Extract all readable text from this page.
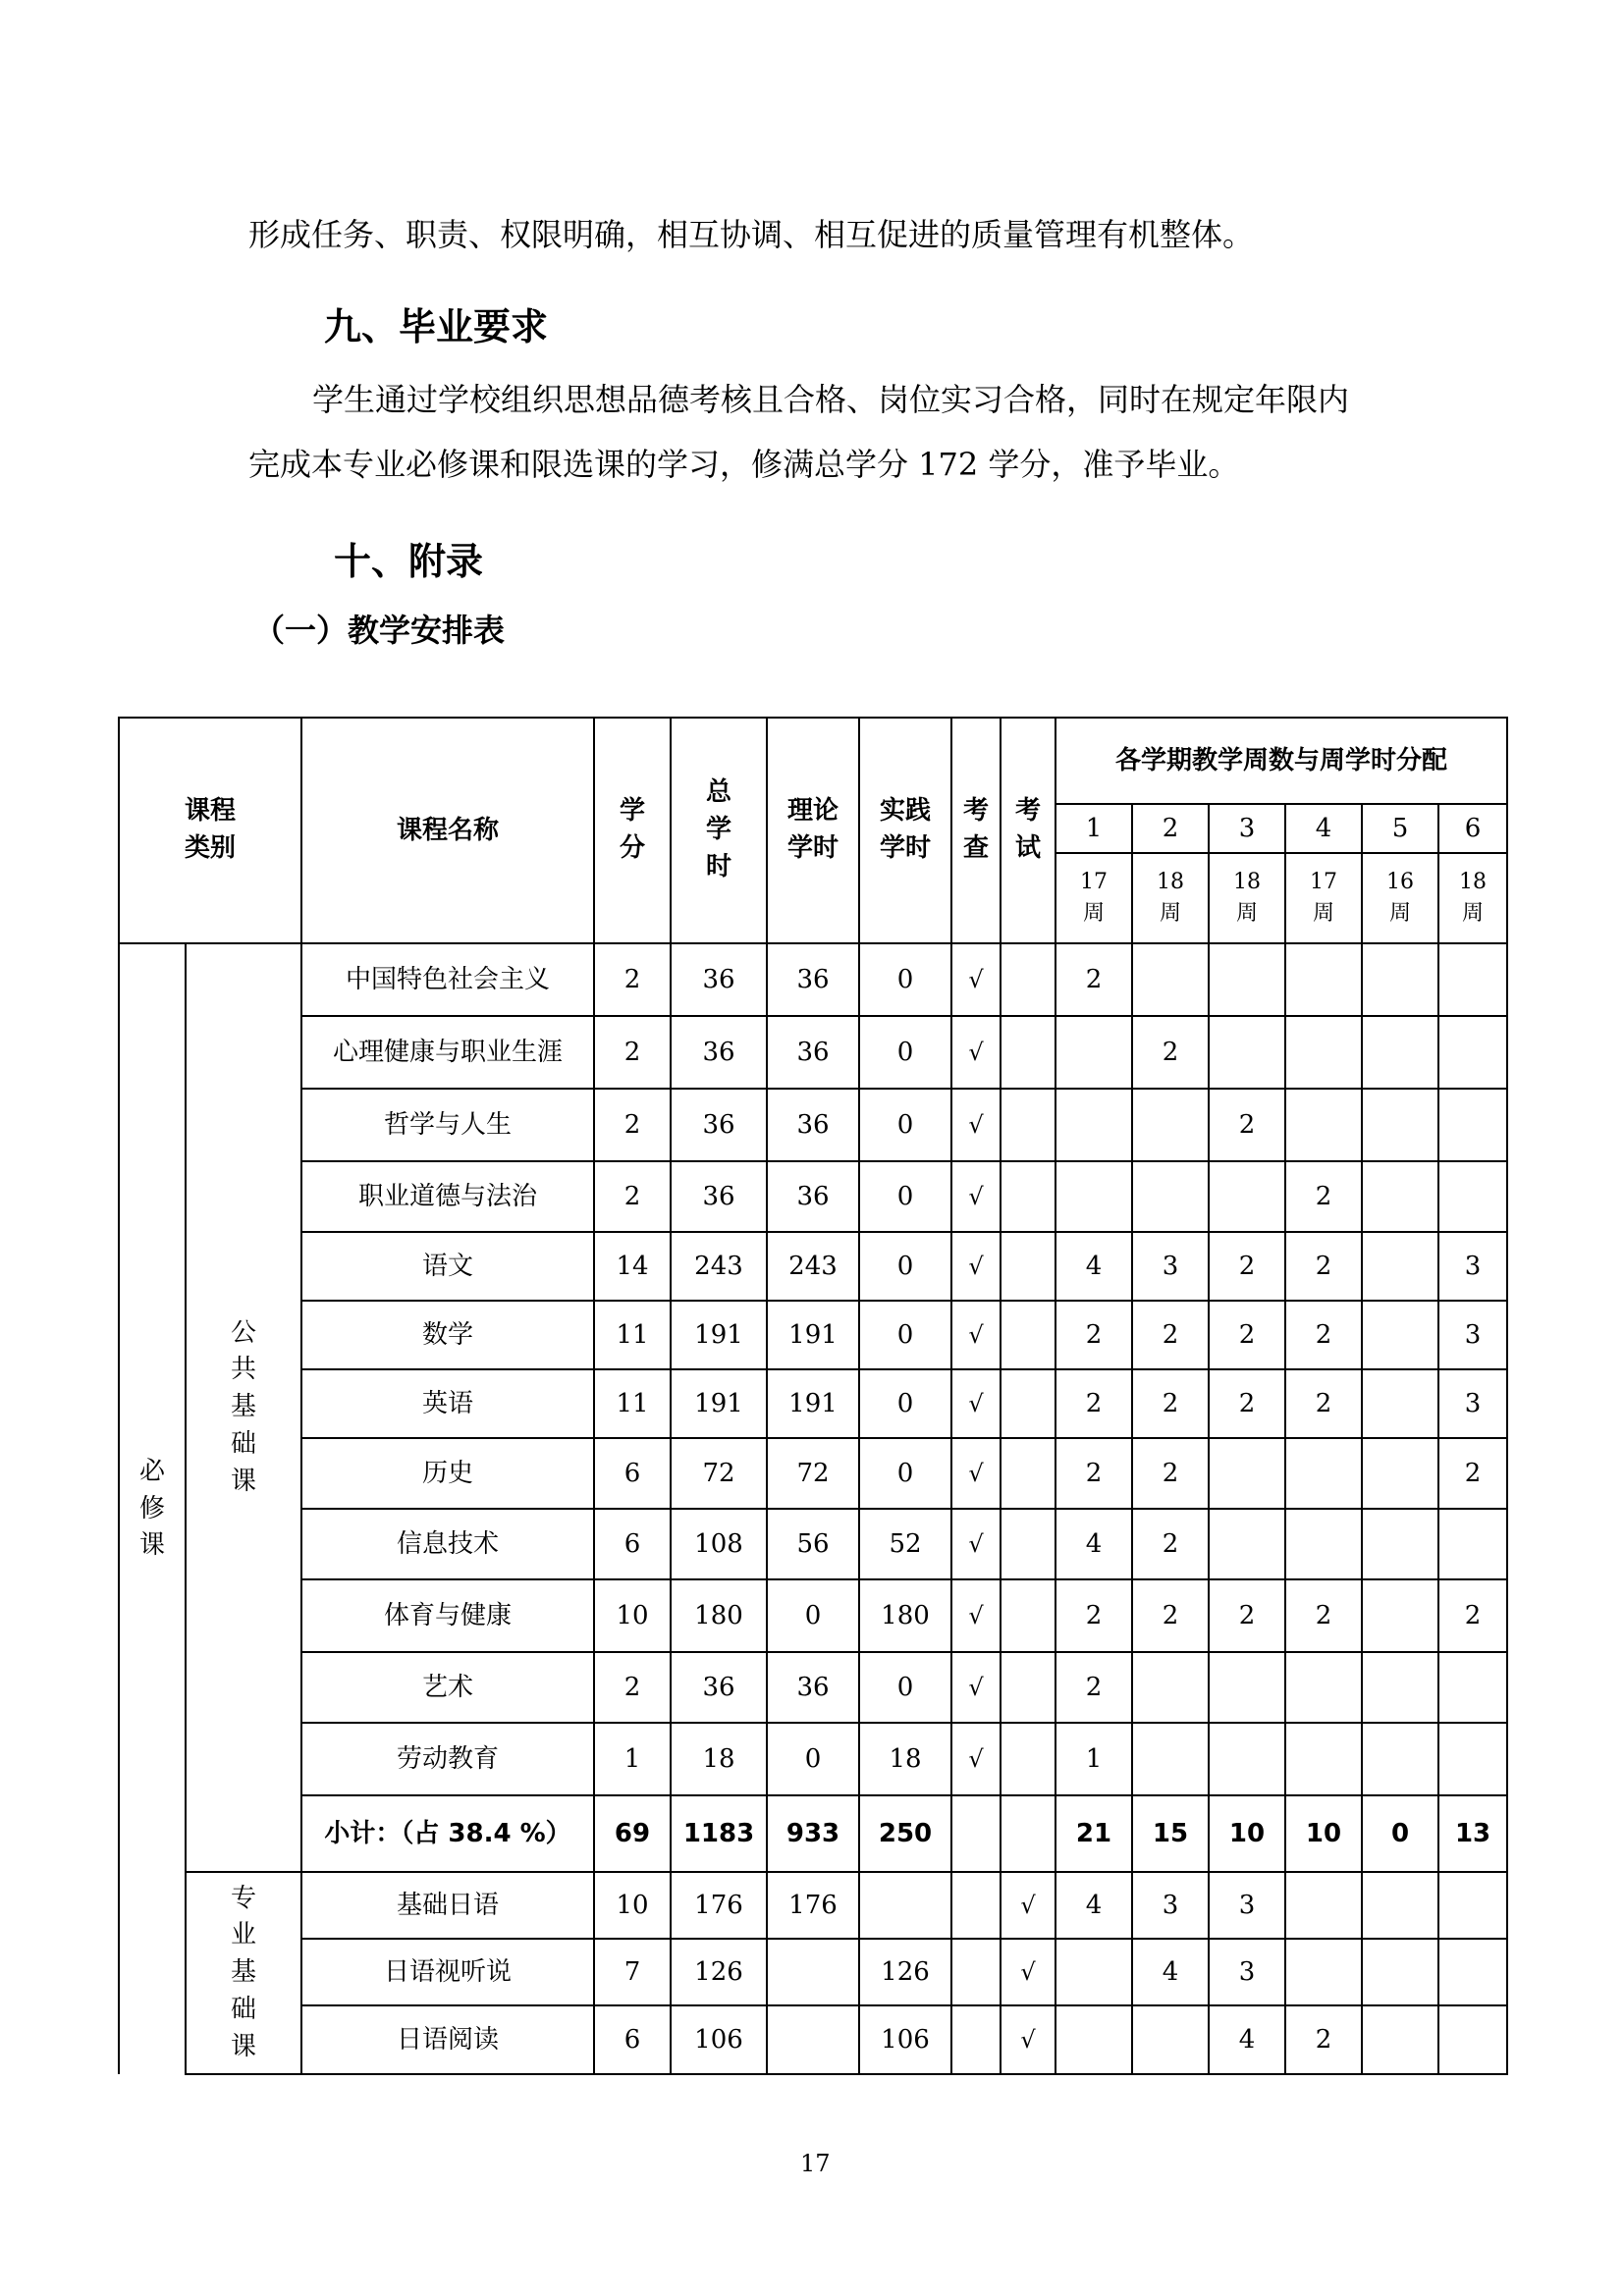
形成任务、职责、权限明确，相互协调、相互促进的质量管理有机整体。
九、毕业要求
学生通过学校组织思想品德考核且合格、岗位实习合格，同时在规定年限内
完成本专业必修课和限选课的学习，修满总学分 172 学分，准予毕业。
十、附录
（一）教学安排表
课程类别		课程名称	学分	总学时	理论学时	实践学时	考查	考试	各学期教学周数与周学时分配					
									1	2	3	4	5	6
									17周	18周	18周	17周	16周	18周
必修课	公共基础课	中国特色社会主义	2	36	36	0	√		2					
		心理健康与职业生涯	2	36	36	0	√			2				
		哲学与人生	2	36	36	0	√				2			
		职业道德与法治	2	36	36	0	√					2		
		语文	14	243	243	0	√		4	3	2	2		3
		数学	11	191	191	0	√		2	2	2	2		3
		英语	11	191	191	0	√		2	2	2	2		3
		历史	6	72	72	0	√		2	2				2
		信息技术	6	108	56	52	√		4	2				
		体育与健康	10	180	0	180	√		2	2	2	2		2
		艺术	2	36	36	0	√		2					
		劳动教育	1	18	0	18	√		1					
		小计：（占 38.4 %）	69	1183	933	250			21	15	10	10	0	13
	专业基础课	基础日语	10	176	176			√	4	3	3			
		日语视听说	7	126		126		√		4	3			
		日语阅读	6	106		106		√			4	2		
17
